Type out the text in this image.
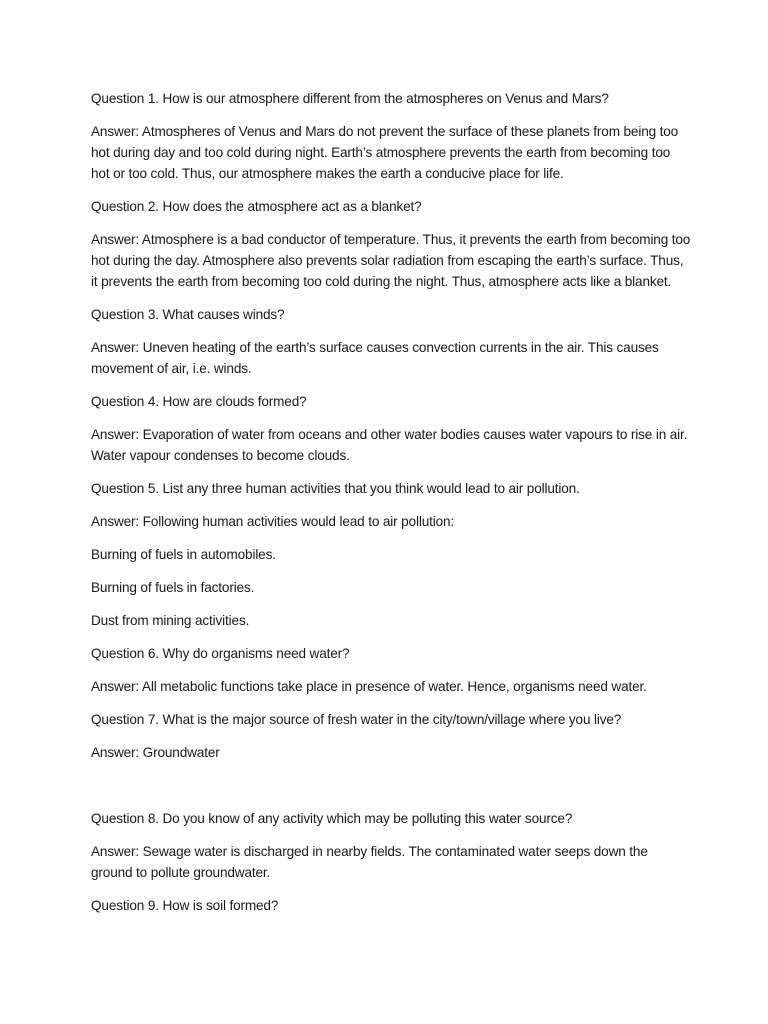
Question 1. How is our atmosphere different from the atmospheres on Venus and Mars?

Answer: Atmospheres of Venus and Mars do not prevent the surface of these planets from being too hot during day and too cold during night. Earth’s atmosphere prevents the earth from becoming too hot or too cold. Thus, our atmosphere makes the earth a conducive place for life.

Question 2. How does the atmosphere act as a blanket?

Answer: Atmosphere is a bad conductor of temperature. Thus, it prevents the earth from becoming too hot during the day. Atmosphere also prevents solar radiation from escaping the earth’s surface. Thus, it prevents the earth from becoming too cold during the night. Thus, atmosphere acts like a blanket.

Question 3. What causes winds?

Answer: Uneven heating of the earth’s surface causes convection currents in the air. This causes movement of air, i.e. winds.

Question 4. How are clouds formed?

Answer: Evaporation of water from oceans and other water bodies causes water vapours to rise in air. Water vapour condenses to become clouds.

Question 5. List any three human activities that you think would lead to air pollution.

Answer: Following human activities would lead to air pollution:

Burning of fuels in automobiles.

Burning of fuels in factories.

Dust from mining activities.

Question 6. Why do organisms need water?

Answer: All metabolic functions take place in presence of water. Hence, organisms need water.

Question 7. What is the major source of fresh water in the city/town/village where you live?

Answer: Groundwater

Question 8. Do you know of any activity which may be polluting this water source?

Answer: Sewage water is discharged in nearby fields. The contaminated water seeps down the ground to pollute groundwater.

Question 9. How is soil formed?
